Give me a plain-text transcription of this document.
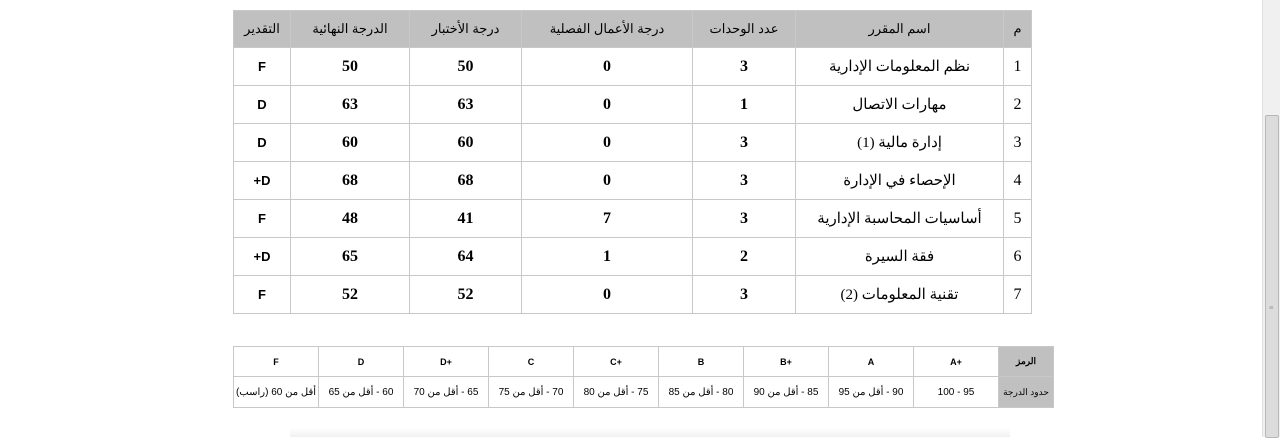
م	اسم المقرر	عدد الوحدات	درجة الأعمال الفصلية	درجة الأختبار	الدرجة النهائية	التقدير
1	نظم المعلومات الإدارية	3	0	50	50	F
2	مهارات الاتصال	1	0	63	63	D
3	إدارة مالية (1)	3	0	60	60	D
4	الإحصاء في الإدارة	3	0	68	68	D+
5	أساسيات المحاسبة الإدارية	3	7	41	48	F
6	فقة السيرة	2	1	64	65	D+
7	تقنية المعلومات (2)	3	0	52	52	F
الرمز	A+	A	B+	B	C+	C	D+	D	F
حدود الدرجة	95 - 100	90 - أقل من 95	85 - أقل من 90	80 - أقل من 85	75 - أقل من 80	70 - أقل من 75	65 - أقل من 70	60 - أقل من 65	أقل من 60 (راسب)
≡
